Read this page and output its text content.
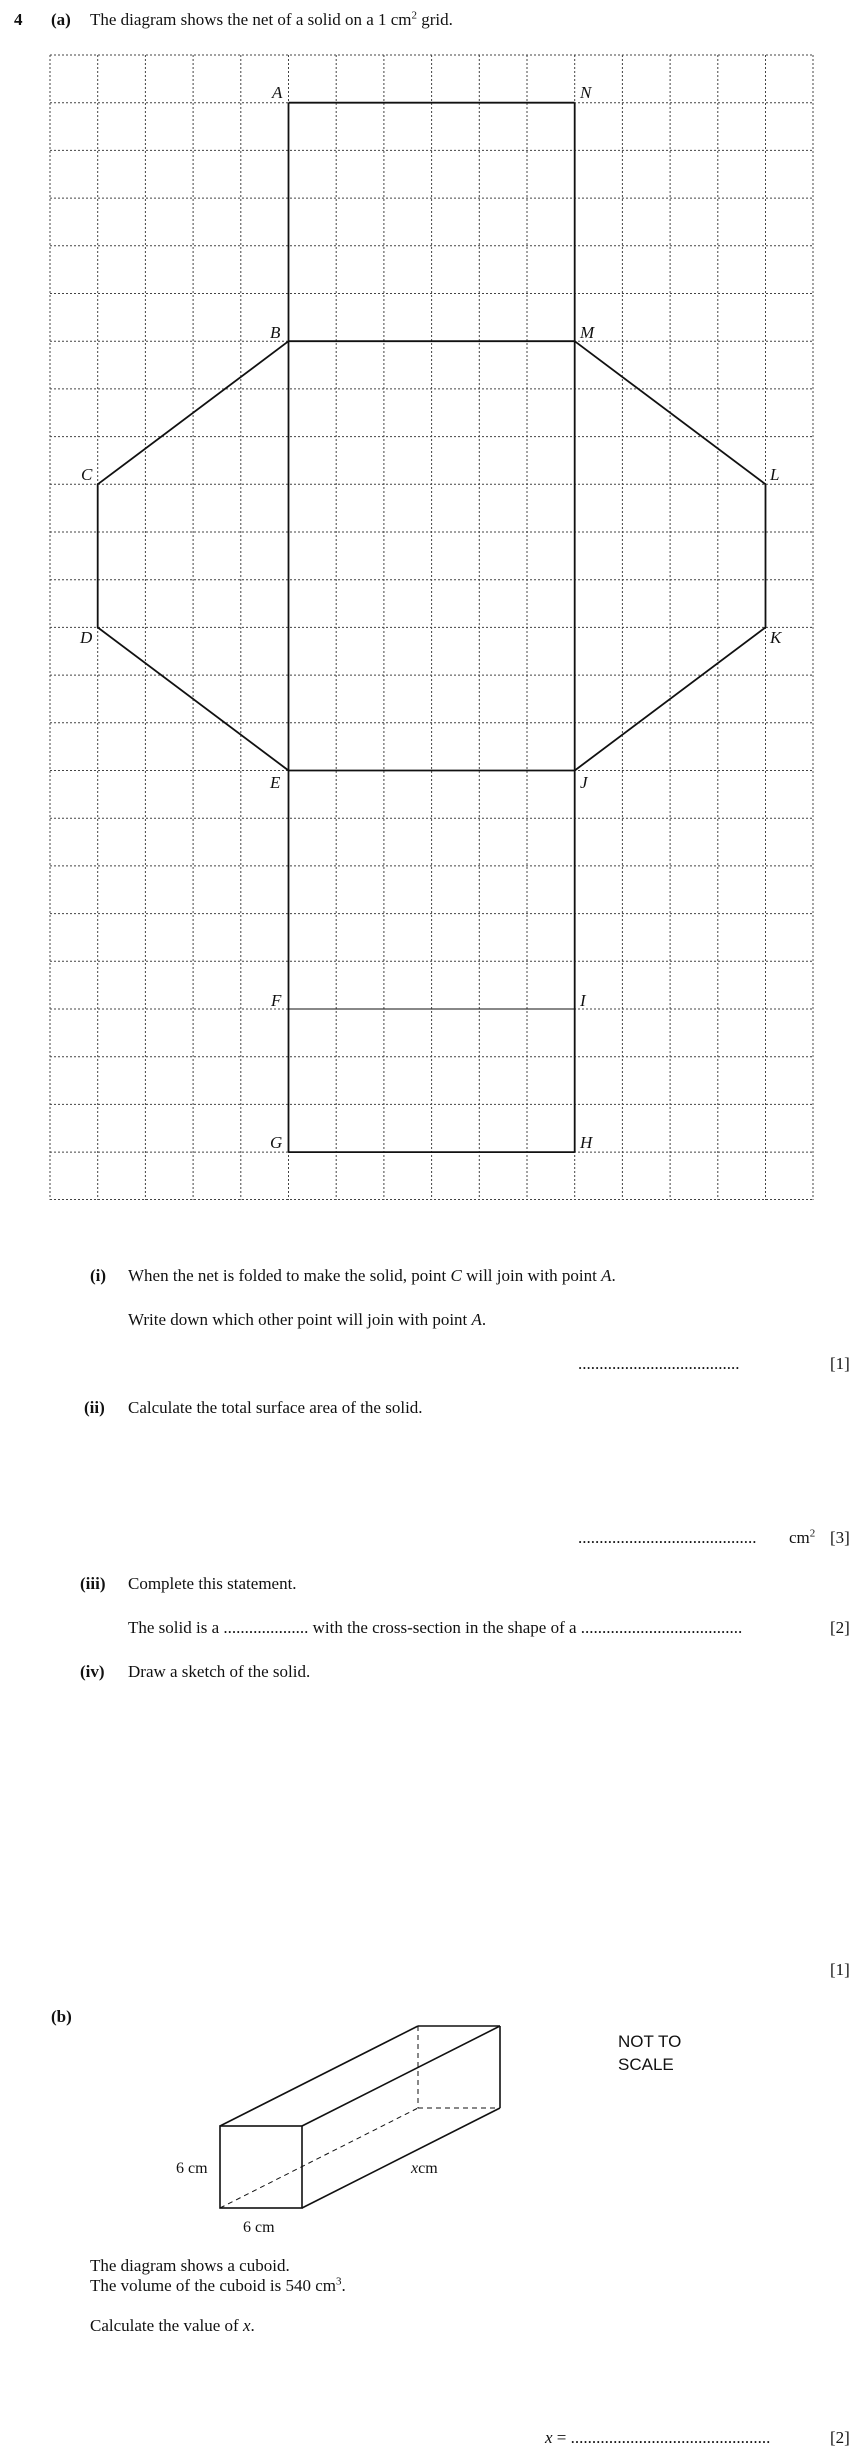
4 (a) The diagram shows the net of a solid on a 1 $cm^2$ grid.
A	N
B	M
C	L
D	K
E	J
F	I
G	H
(i) When the net is folded to make the solid, point C will join with point A.
Write down which other point will join with point A.
......................................	[1]
(ii) Calculate the total surface area of the solid.
.......................................... $cm^2$ [3]
(iii) Complete this statement.
The solid is a .................... with the cross-section in the shape of a ......................................	[2]
(iv) Draw a sketch of the solid.
[1]
(b)
NOT TO
SCALE
6 cm
6 cm
xcm
The diagram shows a cuboid.
The volume of the cuboid is 540 $cm^3$.
Calculate the value of x.
x = ...............................................	[2]
